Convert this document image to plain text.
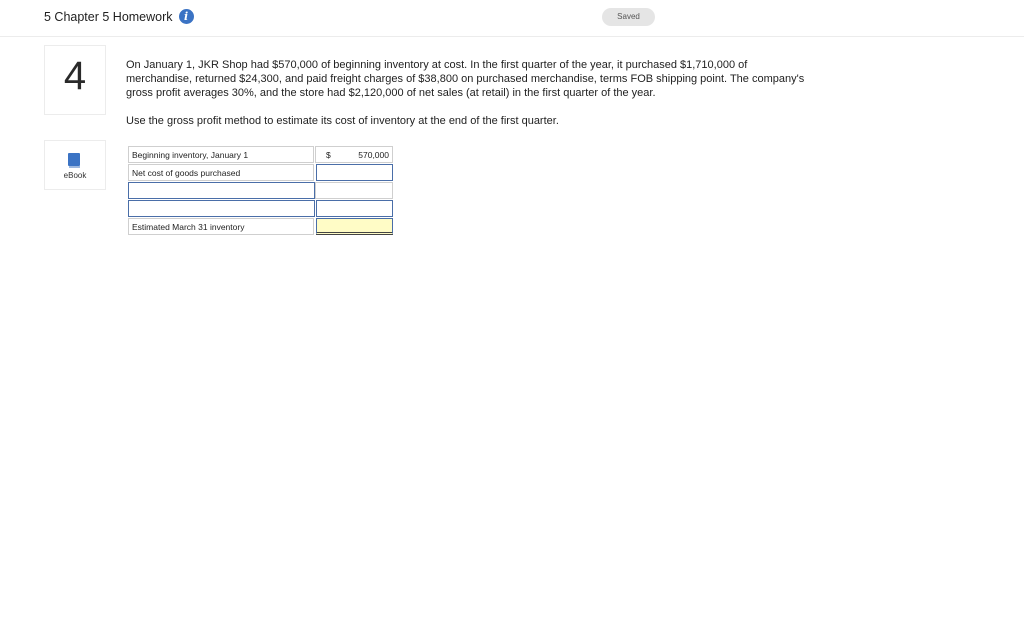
5 Chapter 5 Homework	i	Saved
4
eBook
On January 1, JKR Shop had $570,000 of beginning inventory at cost. In the first quarter of the year, it purchased $1,710,000 of merchandise, returned $24,300, and paid freight charges of $38,800 on purchased merchandise, terms FOB shipping point. The company's gross profit averages 30%, and the store had $2,120,000 of net sales (at retail) in the first quarter of the year.
Use the gross profit method to estimate its cost of inventory at the end of the first quarter.
Beginning inventory, January 1	$	570,000
Net cost of goods purchased
Estimated March 31 inventory
